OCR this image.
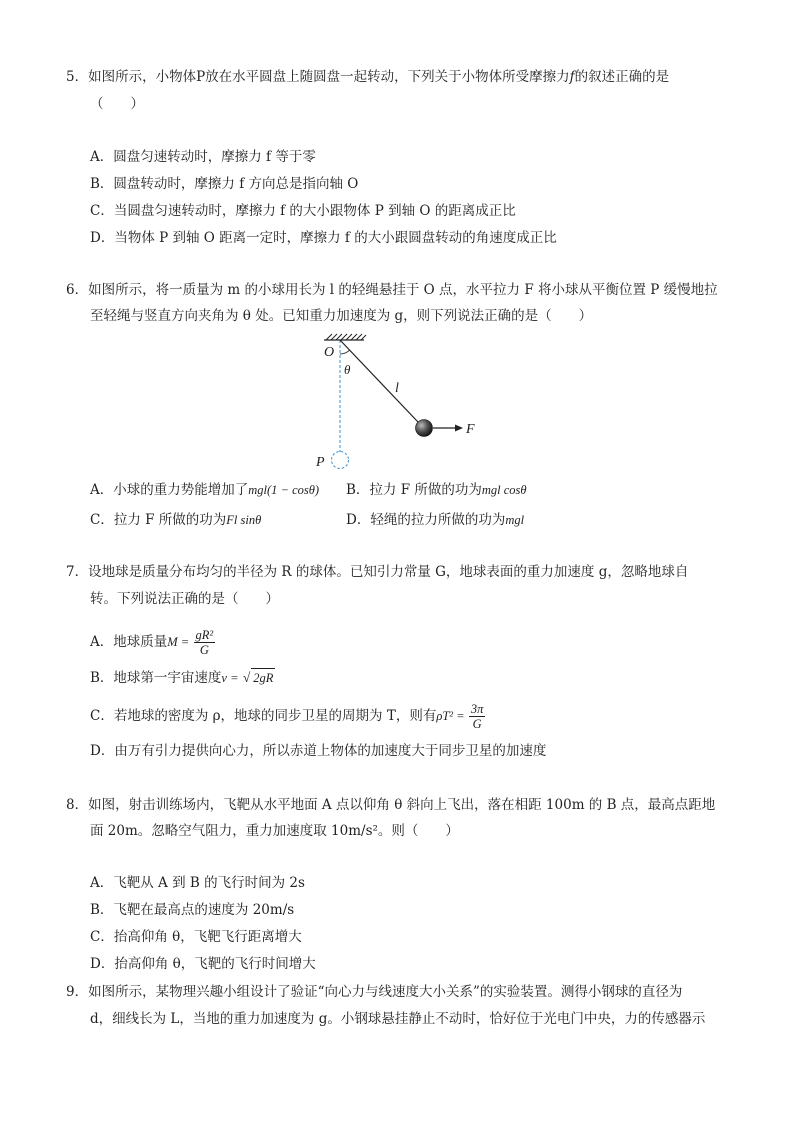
5．如图所示，小物体P放在水平圆盘上随圆盘一起转动，下列关于小物体所受摩擦力f的叙述正确的是
（　　）
A．圆盘匀速转动时，摩擦力 f 等于零
B．圆盘转动时，摩擦力 f 方向总是指向轴 O
C．当圆盘匀速转动时，摩擦力 f 的大小跟物体 P 到轴 O 的距离成正比
D．当物体 P 到轴 O 距离一定时，摩擦力 f 的大小跟圆盘转动的角速度成正比
6．如图所示，将一质量为 m 的小球用长为 l 的轻绳悬挂于 O 点，水平拉力 F 将小球从平衡位置 P 缓慢地拉
至轻绳与竖直方向夹角为 θ 处。已知重力加速度为 g，则下列说法正确的是（　　）
O
θ
l
F
P
A．小球的重力势能增加了mgl(1 − cosθ) B．拉力 F 所做的功为mgl cosθ
C．拉力 F 所做的功为Fl sinθ	D．轻绳的拉力所做的功为mgl
7．设地球是质量分布均匀的半径为 R 的球体。已知引力常量 G，地球表面的重力加速度 g，忽略地球自
转。下列说法正确的是（　　）
A．地球质量$M = \frac{\text{gR²}}{G}$
B．地球第一宇宙速度v = √ 2gR
C．若地球的密度为 ρ，地球的同步卫星的周期为 T，则有$\rho T^2 = \frac{3\pi}{G}$
D．由万有引力提供向心力，所以赤道上物体的加速度大于同步卫星的加速度
8．如图，射击训练场内，飞靶从水平地面 A 点以仰角 θ 斜向上飞出，落在相距 100m 的 B 点，最高点距地
面 20m。忽略空气阻力，重力加速度取 10m/s²。则（　　）
A．飞靶从 A 到 B 的飞行时间为 2s
B．飞靶在最高点的速度为 20m/s
C．抬高仰角 θ，飞靶飞行距离增大
D．抬高仰角 θ，飞靶的飞行时间增大
9．如图所示，某物理兴趣小组设计了验证“向心力与线速度大小关系”的实验装置。测得小钢球的直径为
d，细线长为 L，当地的重力加速度为 g。小钢球悬挂静止不动时，恰好位于光电门中央，力的传感器示
